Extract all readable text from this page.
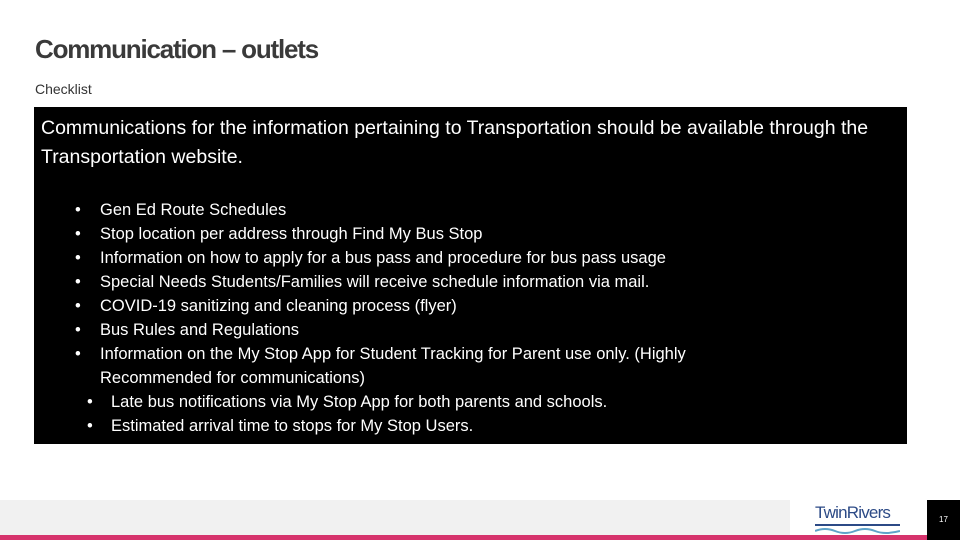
Communication – outlets
Checklist

Communications for the information pertaining to Transportation should be available through the Transportation website.

• Gen Ed Route Schedules
• Stop location per address through Find My Bus Stop
• Information on how to apply for a bus pass and procedure for bus pass usage
• Special Needs Students/Families will receive schedule information via mail.
• COVID-19 sanitizing and cleaning process (flyer)
• Bus Rules and Regulations
• Information on the My Stop App for Student Tracking for Parent use only. (Highly Recommended for communications)
• Late bus notifications via My Stop App for both parents and schools.
• Estimated arrival time to stops for My Stop Users.
TwinRivers	17
